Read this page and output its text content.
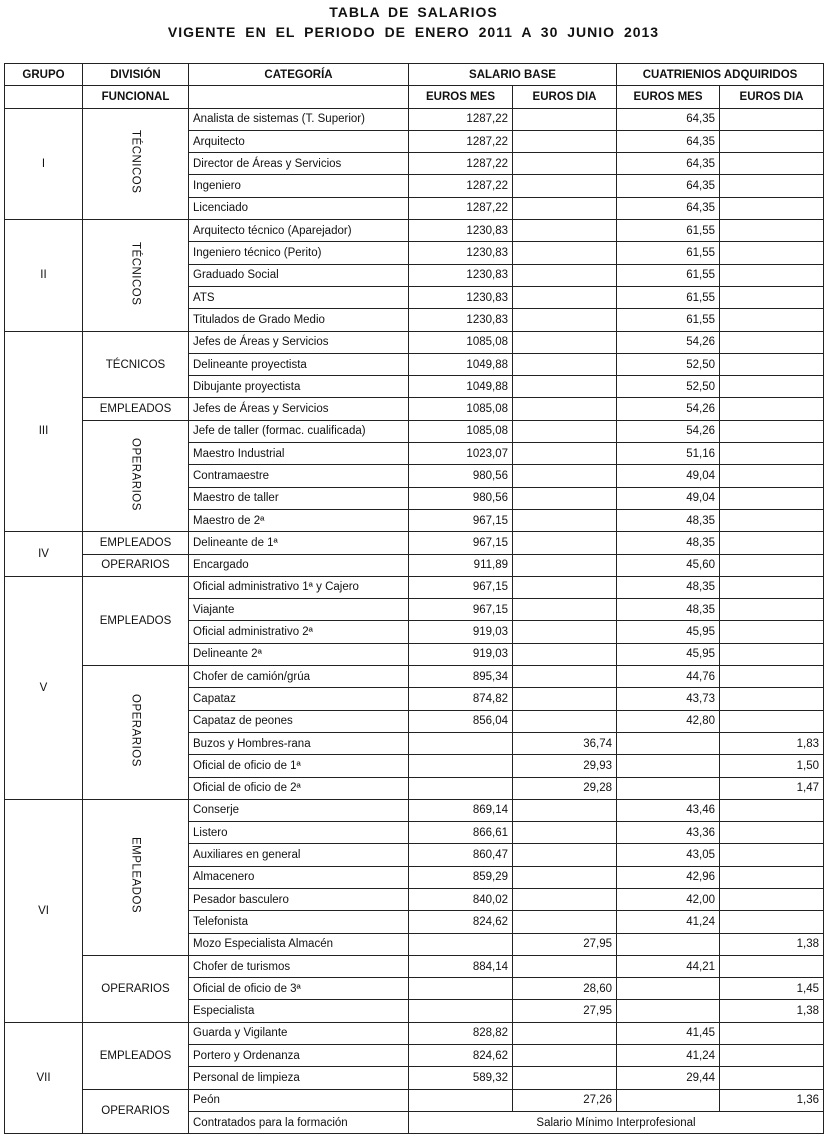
TABLA DE SALARIOS
VIGENTE EN EL PERIODO DE ENERO 2011 A 30 JUNIO 2013
GRUPO	DIVISIÓN	CATEGORÍA	SALARIO BASE		CUATRIENIOS ADQUIRIDOS	
	FUNCIONAL		EUROS MES	EUROS DIA	EUROS MES	EUROS DIA
I	TÉCNICOS	Analista de sistemas (T. Superior)	1287,22		64,35	
		Arquitecto	1287,22		64,35	
		Director de Áreas y Servicios	1287,22		64,35	
		Ingeniero	1287,22		64,35	
		Licenciado	1287,22		64,35	
II	TÉCNICOS	Arquitecto técnico (Aparejador)	1230,83		61,55	
		Ingeniero técnico (Perito)	1230,83		61,55	
		Graduado Social	1230,83		61,55	
		ATS	1230,83		61,55	
		Titulados de Grado Medio	1230,83		61,55	
III	TÉCNICOS	Jefes de Áreas y Servicios	1085,08		54,26	
		Delineante proyectista	1049,88		52,50	
		Dibujante proyectista	1049,88		52,50	
	EMPLEADOS	Jefes de Áreas y Servicios	1085,08		54,26	
	OPERARIOS	Jefe de taller (formac. cualificada)	1085,08		54,26	
		Maestro Industrial	1023,07		51,16	
		Contramaestre	980,56		49,04	
		Maestro de taller	980,56		49,04	
		Maestro de 2ª	967,15		48,35	
IV	EMPLEADOS	Delineante de 1ª	967,15		48,35	
	OPERARIOS	Encargado	911,89		45,60	
V	EMPLEADOS	Oficial administrativo 1ª y Cajero	967,15		48,35	
		Viajante	967,15		48,35	
		Oficial administrativo 2ª	919,03		45,95	
		Delineante 2ª	919,03		45,95	
	OPERARIOS	Chofer de camión/grúa	895,34		44,76	
		Capataz	874,82		43,73	
		Capataz de peones	856,04		42,80	
		Buzos y Hombres-rana		36,74		1,83
		Oficial de oficio de 1ª		29,93		1,50
		Oficial de oficio de 2ª		29,28		1,47
VI	EMPLEADOS	Conserje	869,14		43,46	
		Listero	866,61		43,36	
		Auxiliares en general	860,47		43,05	
		Almacenero	859,29		42,96	
		Pesador basculero	840,02		42,00	
		Telefonista	824,62		41,24	
		Mozo Especialista Almacén		27,95		1,38
	OPERARIOS	Chofer de turismos	884,14		44,21	
		Oficial de oficio de 3ª		28,60		1,45
		Especialista		27,95		1,38
VII	EMPLEADOS	Guarda y Vigilante	828,82		41,45	
		Portero y Ordenanza	824,62		41,24	
		Personal de limpieza	589,32		29,44	
	OPERARIOS	Peón		27,26		1,36
		Contratados para la formación	Salario Mínimo Interprofesional			
